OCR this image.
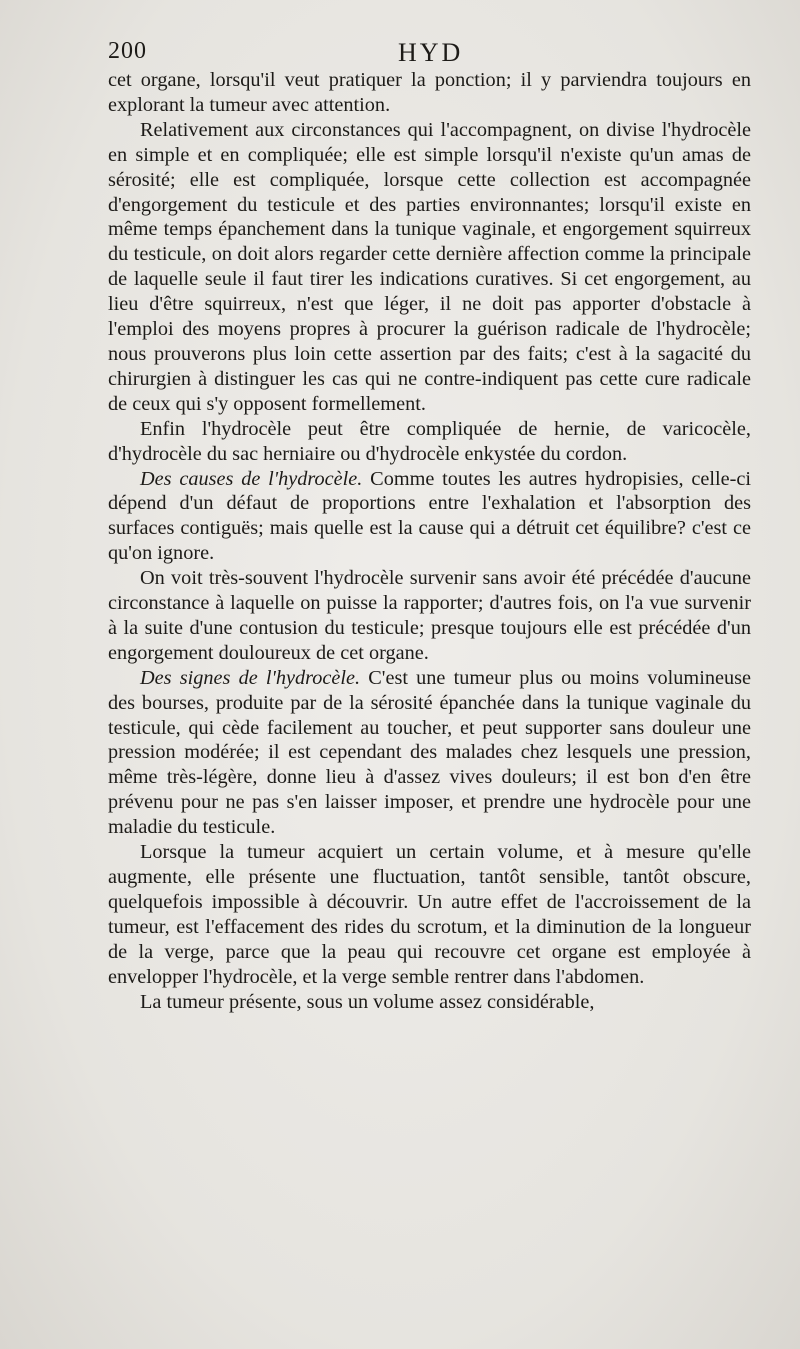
200	HYD

cet organe, lorsqu'il veut pratiquer la ponction; il y parviendra toujours en explorant la tumeur avec attention.

Relativement aux circonstances qui l'accompagnent, on divise l'hydrocèle en simple et en compliquée; elle est simple lorsqu'il n'existe qu'un amas de sérosité; elle est compliquée, lorsque cette collection est accompagnée d'engorgement du testicule et des parties environnantes; lorsqu'il existe en même temps épanchement dans la tunique vaginale, et engorgement squirreux du testicule, on doit alors regarder cette dernière affection comme la principale de laquelle seule il faut tirer les indications curatives. Si cet engorgement, au lieu d'être squirreux, n'est que léger, il ne doit pas apporter d'obstacle à l'emploi des moyens propres à procurer la guérison radicale de l'hydrocèle; nous prouverons plus loin cette assertion par des faits; c'est à la sagacité du chirurgien à distinguer les cas qui ne contre-indiquent pas cette cure radicale de ceux qui s'y opposent formellement.

Enfin l'hydrocèle peut être compliquée de hernie, de varicocèle, d'hydrocèle du sac herniaire ou d'hydrocèle enkystée du cordon.

Des causes de l'hydrocèle. Comme toutes les autres hydropisies, celle-ci dépend d'un défaut de proportions entre l'exhalation et l'absorption des surfaces contiguës; mais quelle est la cause qui a détruit cet équilibre? c'est ce qu'on ignore.

On voit très-souvent l'hydrocèle survenir sans avoir été précédée d'aucune circonstance à laquelle on puisse la rapporter; d'autres fois, on l'a vue survenir à la suite d'une contusion du testicule; presque toujours elle est précédée d'un engorgement douloureux de cet organe.

Des signes de l'hydrocèle. C'est une tumeur plus ou moins volumineuse des bourses, produite par de la sérosité épanchée dans la tunique vaginale du testicule, qui cède facilement au toucher, et peut supporter sans douleur une pression modérée; il est cependant des malades chez lesquels une pression, même très-légère, donne lieu à d'assez vives douleurs; il est bon d'en être prévenu pour ne pas s'en laisser imposer, et prendre une hydrocèle pour une maladie du testicule.

Lorsque la tumeur acquiert un certain volume, et à mesure qu'elle augmente, elle présente une fluctuation, tantôt sensible, tantôt obscure, quelquefois impossible à découvrir. Un autre effet de l'accroissement de la tumeur, est l'effacement des rides du scrotum, et la diminution de la longueur de la verge, parce que la peau qui recouvre cet organe est employée à envelopper l'hydrocèle, et la verge semble rentrer dans l'abdomen.

La tumeur présente, sous un volume assez considérable,
